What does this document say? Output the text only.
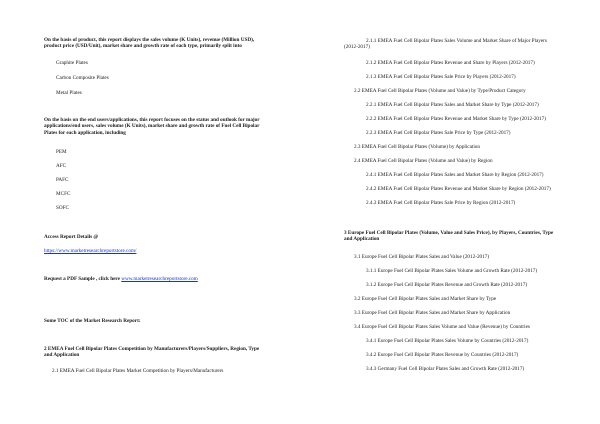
On the basis of product, this report displays the sales volume (K Units), revenue (Million USD), product price (USD/Unit), market share and growth rate of each type, primarily split into
Graphite Plates
Carbon Composite Plates
Metal Plates
On the basis on the end users/applications, this report focuses on the status and outlook for major applications/end users, sales volume (K Units), market share and growth rate of Fuel Cell Bipolar Plates for each application, including
PEM
AFC
PAFC
MCFC
SOFC
Access Report Details @
https://www.marketresearchreportstore.com/
Request a PDF Sample , click here www.marketresearchreportstore.com
Some TOC of the Market Research Report:
2 EMEA Fuel Cell Bipolar Plates Competition by Manufacturers/Players/Suppliers, Region, Type and Application
2.1 EMEA Fuel Cell Bipolar Plates Market Competition by Players/Manufacturers
2.1.1 EMEA Fuel Cell Bipolar Plates Sales Volume and Market Share of Major Players (2012-2017)
2.1.2 EMEA Fuel Cell Bipolar Plates Revenue and Share by Players (2012-2017)
2.1.3 EMEA Fuel Cell Bipolar Plates Sale Price by Players (2012-2017)
2.2 EMEA Fuel Cell Bipolar Plates (Volume and Value) by Type/Product Category
2.2.1 EMEA Fuel Cell Bipolar Plates Sales and Market Share by Type (2012-2017)
2.2.2 EMEA Fuel Cell Bipolar Plates Revenue and Market Share by Type (2012-2017)
2.2.3 EMEA Fuel Cell Bipolar Plates Sale Price by Type (2012-2017)
2.3 EMEA Fuel Cell Bipolar Plates (Volume) by Application
2.4 EMEA Fuel Cell Bipolar Plates (Volume and Value) by Region
2.4.1 EMEA Fuel Cell Bipolar Plates Sales and Market Share by Region (2012-2017)
2.4.2 EMEA Fuel Cell Bipolar Plates Revenue and Market Share by Region (2012-2017)
2.4.3 EMEA Fuel Cell Bipolar Plates Sale Price by Region (2012-2017)
3 Europe Fuel Cell Bipolar Plates (Volume, Value and Sales Price), by Players, Countries, Type and Application
3.1 Europe Fuel Cell Bipolar Plates Sales and Value (2012-2017)
3.1.1 Europe Fuel Cell Bipolar Plates Sales Volume and Growth Rate (2012-2017)
3.1.2 Europe Fuel Cell Bipolar Plates Revenue and Growth Rate (2012-2017)
3.2 Europe Fuel Cell Bipolar Plates Sales and Market Share by Type
3.3 Europe Fuel Cell Bipolar Plates Sales and Market Share by Application
3.4 Europe Fuel Cell Bipolar Plates Sales Volume and Value (Revenue) by Countries
3.4.1 Europe Fuel Cell Bipolar Plates Sales Volume by Countries (2012-2017)
3.4.2 Europe Fuel Cell Bipolar Plates Revenue by Countries (2012-2017)
3.4.3 Germany Fuel Cell Bipolar Plates Sales and Growth Rate (2012-2017)
